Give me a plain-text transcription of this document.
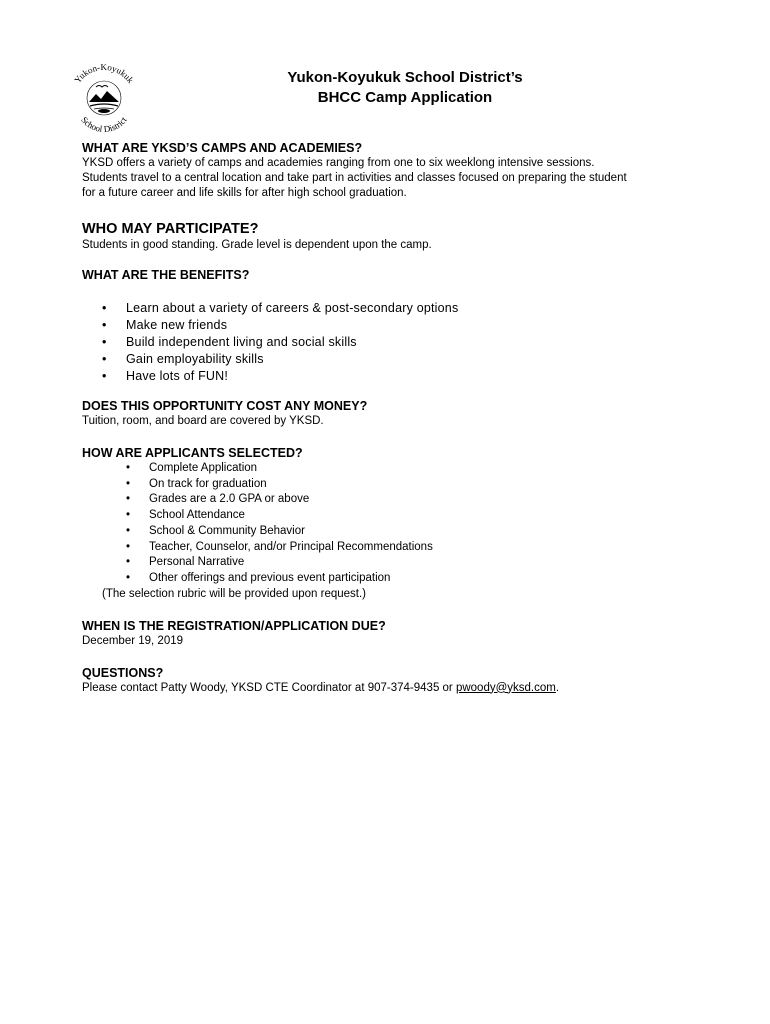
Yukon-Koyukuk
School District
Yukon-Koyukuk School District’s
BHCC Camp Application

WHAT ARE YKSD’S CAMPS AND ACADEMIES?

YKSD offers a variety of camps and academies ranging from one to six weeklong intensive sessions.

Students travel to a central location and take part in activities and classes focused on preparing the student

for a future career and life skills for after high school graduation.

WHO MAY PARTICIPATE?

Students in good standing. Grade level is dependent upon the camp.

WHAT ARE THE BENEFITS?

• Learn about a variety of careers & post-secondary options
• Make new friends
• Build independent living and social skills
• Gain employability skills
• Have lots of FUN!

DOES THIS OPPORTUNITY COST ANY MONEY?

Tuition, room, and board are covered by YKSD.

HOW ARE APPLICANTS SELECTED?

• Complete Application
• On track for graduation
• Grades are a 2.0 GPA or above
• School Attendance
• School & Community Behavior
• Teacher, Counselor, and/or Principal Recommendations
• Personal Narrative
• Other offerings and previous event participation

(The selection rubric will be provided upon request.)

WHEN IS THE REGISTRATION/APPLICATION DUE?

December 19, 2019

QUESTIONS?

Please contact Patty Woody, YKSD CTE Coordinator at 907-374-9435 or pwoody@yksd.com.
